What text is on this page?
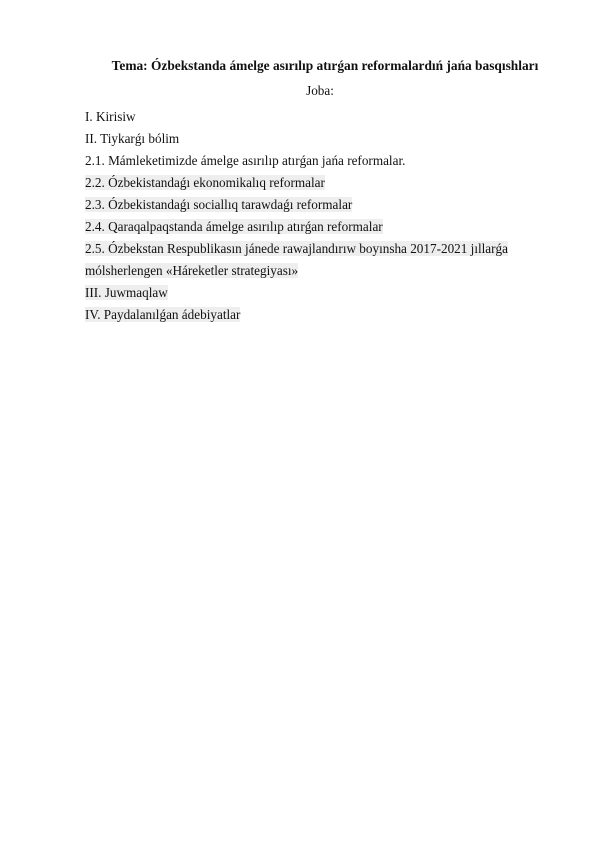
Tema: Ózbekstanda ámelge asırılıp atırǵan reformalardıń jańa basqıshları
Joba:
I. Kirisiw
II. Tiykarǵı bólim
2.1. Mámleketimizde ámelge asırılıp atırǵan jańa reformalar.
2.2. Ózbekistandaǵı ekonomikalıq reformalar
2.3. Ózbekistandaǵı sociallıq tarawdaǵı reformalar
2.4. Qaraqalpaqstanda ámelge asırılıp atırǵan reformalar
2.5. Ózbekstan Respublikasın jánede rawajlandırıw boyınsha 2017-2021 jıllarǵa
mólsherlengen «Háreketler strategiyası»
III. Juwmaqlaw
IV. Paydalanılǵan ádebiyatlar
